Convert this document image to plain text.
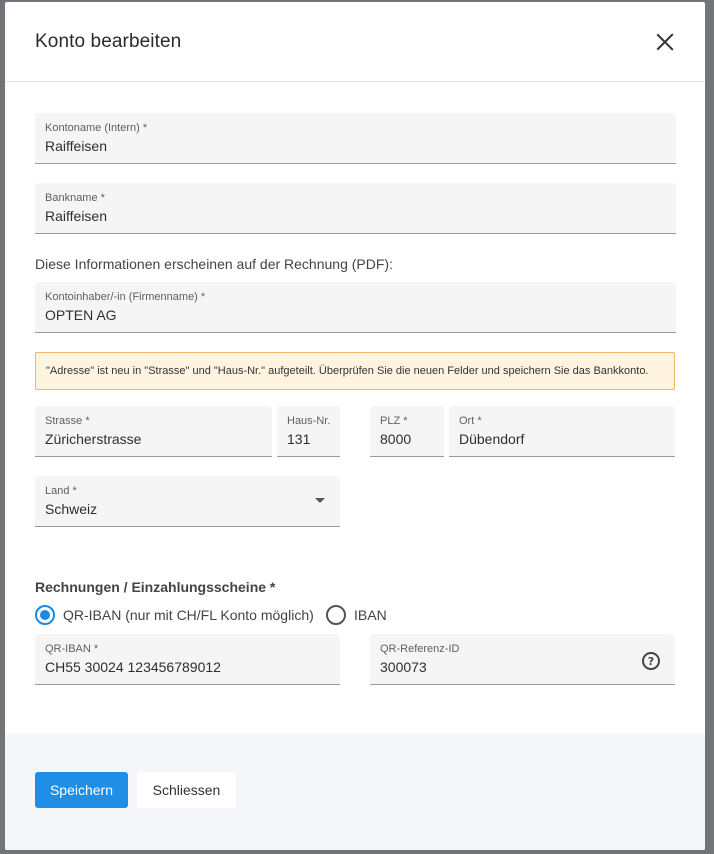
Konto bearbeiten
Kontoname (Intern) *
Raiffeisen
Bankname *
Raiffeisen
Diese Informationen erscheinen auf der Rechnung (PDF):
Kontoinhaber/-in (Firmenname) *
OPTEN AG
"Adresse" ist neu in "Strasse" und "Haus-Nr." aufgeteilt. Überprüfen Sie die neuen Felder und speichern Sie das Bankkonto.
Strasse *
Züricherstrasse
Haus-Nr.
131
PLZ *
8000
Ort *
Dübendorf
Land *
Schweiz
Rechnungen / Einzahlungsscheine *
QR-IBAN (nur mit CH/FL Konto möglich)	IBAN
QR-IBAN *
CH55 30024 123456789012
QR-Referenz-ID
300073	?
Speichern	Schliessen
